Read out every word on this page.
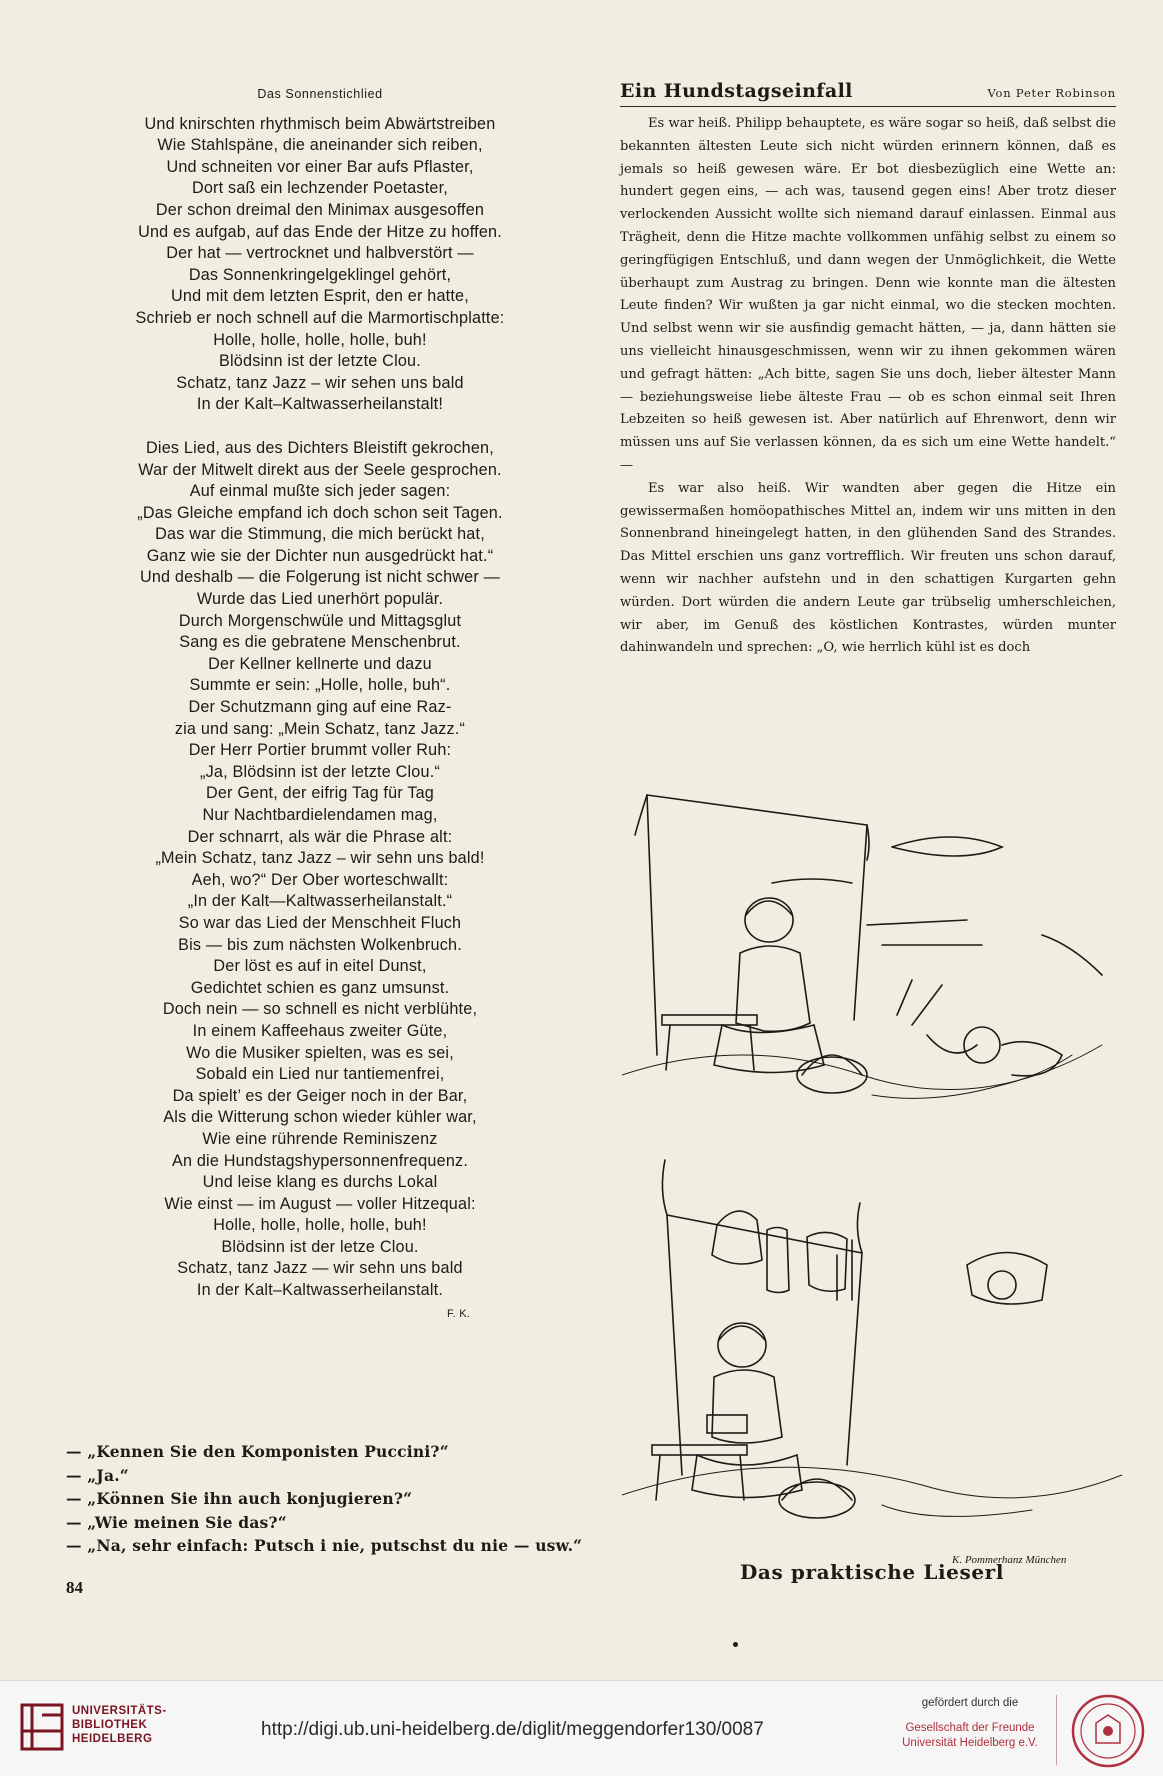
Das Sonnenstichlied
Und knirschten rhythmisch beim Abwärtstreiben
Wie Stahlspäne, die aneinander sich reiben,
Und schneiten vor einer Bar aufs Pflaster,
Dort saß ein lechzender Poetaster,
Der schon dreimal den Minimax ausgesoffen
Und es aufgab, auf das Ende der Hitze zu hoffen.
Der hat — vertrocknet und halbverstört —
Das Sonnenkringelgeklingel gehört,
Und mit dem letzten Esprit, den er hatte,
Schrieb er noch schnell auf die Marmortischplatte:
Holle, holle, holle, holle, buh!
Blödsinn ist der letzte Clou.
Schatz, tanz Jazz – wir sehen uns bald
In der Kalt–Kaltwasserheilanstalt!
Dies Lied, aus des Dichters Bleistift gekrochen,
War der Mitwelt direkt aus der Seele gesprochen.
Auf einmal mußte sich jeder sagen:
„Das Gleiche empfand ich doch schon seit Tagen.
Das war die Stimmung, die mich berückt hat,
Ganz wie sie der Dichter nun ausgedrückt hat.“
Und deshalb — die Folgerung ist nicht schwer —
Wurde das Lied unerhört populär.
Durch Morgenschwüle und Mittagsglut
Sang es die gebratene Menschenbrut.
Der Kellner kellnerte und dazu
Summte er sein: „Holle, holle, buh“.
Der Schutzmann ging auf eine Raz-
zia und sang: „Mein Schatz, tanz Jazz.“
Der Herr Portier brummt voller Ruh:
„Ja, Blödsinn ist der letzte Clou.“
Der Gent, der eifrig Tag für Tag
Nur Nachtbardielendamen mag,
Der schnarrt, als wär die Phrase alt:
„Mein Schatz, tanz Jazz – wir sehn uns bald!
Aeh, wo?“ Der Ober worteschwallt:
„In der Kalt—Kaltwasserheilanstalt.“
So war das Lied der Menschheit Fluch
Bis — bis zum nächsten Wolkenbruch.
Der löst es auf in eitel Dunst,
Gedichtet schien es ganz umsunst.
Doch nein — so schnell es nicht verblühte,
In einem Kaffeehaus zweiter Güte,
Wo die Musiker spielten, was es sei,
Sobald ein Lied nur tantiemenfrei,
Da spielt’ es der Geiger noch in der Bar,
Als die Witterung schon wieder kühler war,
Wie eine rührende Reminiszenz
An die Hundstagshypersonnenfrequenz.
Und leise klang es durchs Lokal
Wie einst — im August — voller Hitzequal:
Holle, holle, holle, holle, buh!
Blödsinn ist der letze Clou.
Schatz, tanz Jazz — wir sehn uns bald
In der Kalt–Kaltwasserheilanstalt.
F. K.
— „Kennen Sie den Komponisten Puccini?“
— „Ja.“
— „Können Sie ihn auch konjugieren?“
— „Wie meinen Sie das?“
— „Na, sehr einfach: Putsch i nie, putschst du nie — usw.“
84
Ein Hundstagseinfall	Von Peter Robinson

Es war heiß. Philipp behauptete, es wäre sogar so heiß, daß selbst die bekannten ältesten Leute sich nicht würden erinnern können, daß es jemals so heiß gewesen wäre. Er bot diesbezüglich eine Wette an: hundert gegen eins, — ach was, tausend gegen eins! Aber trotz dieser verlockenden Aussicht wollte sich niemand darauf einlassen. Einmal aus Trägheit, denn die Hitze machte vollkommen unfähig selbst zu einem so geringfügigen Entschluß, und dann wegen der Unmöglichkeit, die Wette überhaupt zum Austrag zu bringen. Denn wie konnte man die ältesten Leute finden? Wir wußten ja gar nicht einmal, wo die stecken mochten. Und selbst wenn wir sie ausfindig gemacht hätten, — ja, dann hätten sie uns vielleicht hinausgeschmissen, wenn wir zu ihnen gekommen wären und gefragt hätten: „Ach bitte, sagen Sie uns doch, lieber ältester Mann — beziehungsweise liebe älteste Frau — ob es schon einmal seit Ihren Lebzeiten so heiß gewesen ist. Aber natürlich auf Ehrenwort, denn wir müssen uns auf Sie verlassen können, da es sich um eine Wette handelt.“ —

Es war also heiß. Wir wandten aber gegen die Hitze ein gewissermaßen homöopathisches Mittel an, indem wir uns mitten in den Sonnenbrand hineingelegt hatten, in den glühenden Sand des Strandes. Das Mittel erschien uns ganz vortrefflich. Wir freuten uns schon darauf, wenn wir nachher aufstehn und in den schattigen Kurgarten gehn würden. Dort würden die andern Leute gar trübselig umherschleichen, wir aber, im Genuß des köstlichen Kontrastes, würden munter dahinwandeln und sprechen: „O, wie herrlich kühl ist es doch

K. Pommerhanz München
Das praktische Lieserl
UNIVERSITÄTS-
BIBLIOTHEK
HEIDELBERG	http://digi.ub.uni-heidelberg.de/diglit/meggendorfer130/0087
gefördert durch die
Gesellschaft der Freunde
Universität Heidelberg e.V.
